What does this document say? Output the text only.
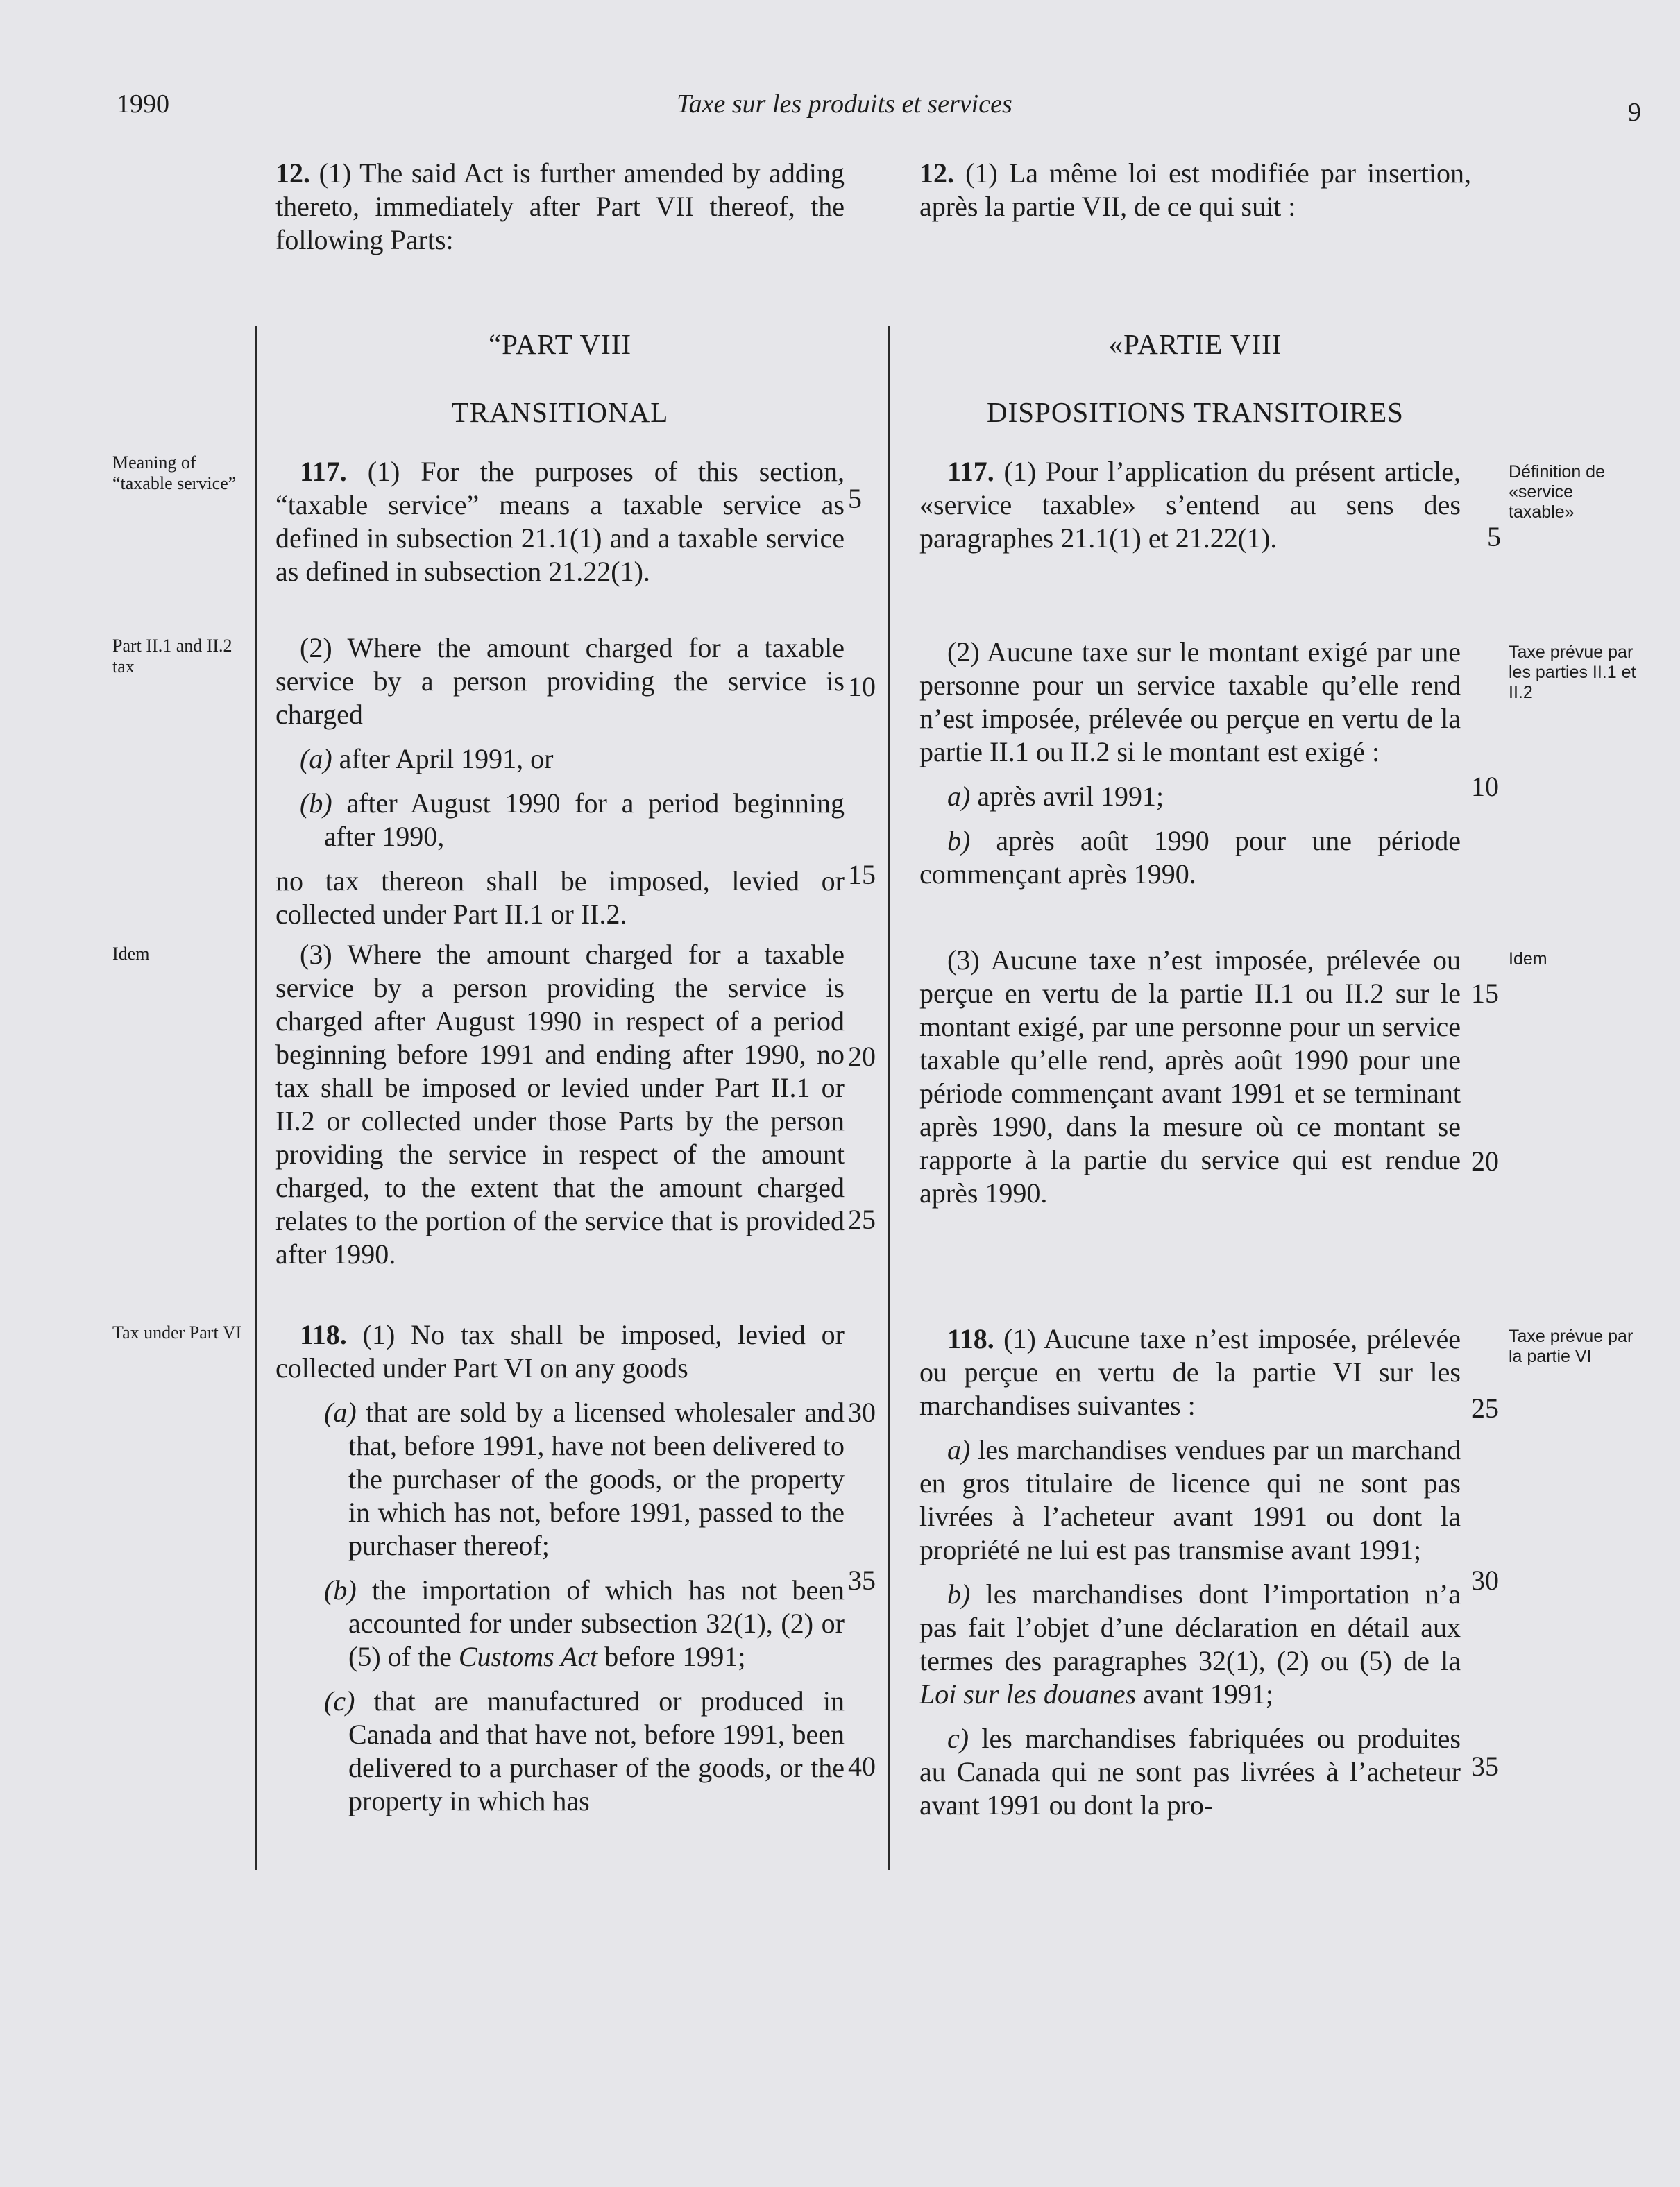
1990	Taxe sur les produits et services	9
12. (1) The said Act is further amended by adding thereto, immediately after Part VII thereof, the following Parts:
12. (1) La même loi est modifiée par insertion, après la partie VII, de ce qui suit :
“PART VIII
TRANSITIONAL
«PARTIE VIII
DISPOSITIONS TRANSITOIRES
Meaning of “taxable service”
Part II.1 and II.2 tax
Idem
Tax under Part VI
Définition de «service taxable»
Taxe prévue par les parties II.1 et II.2
Idem
Taxe prévue par la partie VI

117. (1) For the purposes of this section, “taxable service” means a taxable service as defined in subsection 21.1(1) and a taxable service as defined in subsection 21.22(1).

(2) Where the amount charged for a taxable service by a person providing the service is charged

(a) after April 1991, or

(b) after August 1990 for a period beginning after 1990,

no tax thereon shall be imposed, levied or collected under Part II.1 or II.2.

(3) Where the amount charged for a taxable service by a person providing the service is charged after August 1990 in respect of a period beginning before 1991 and ending after 1990, no tax shall be imposed or levied under Part II.1 or II.2 or collected under those Parts by the person providing the service in respect of the amount charged, to the extent that the amount charged relates to the portion of the service that is provided after 1990.

118. (1) No tax shall be imposed, levied or collected under Part VI on any goods

(a) that are sold by a licensed wholesaler and that, before 1991, have not been delivered to the purchaser of the goods, or the property in which has not, before 1991, passed to the purchaser thereof;

(b) the importation of which has not been accounted for under subsection 32(1), (2) or (5) of the Customs Act before 1991;

(c) that are manufactured or produced in Canada and that have not, before 1991, been delivered to a purchaser of the goods, or the property in which has

117. (1) Pour l’application du présent article, «service taxable» s’entend au sens des paragraphes 21.1(1) et 21.22(1).

(2) Aucune taxe sur le montant exigé par une personne pour un service taxable qu’elle rend n’est imposée, prélevée ou perçue en vertu de la partie II.1 ou II.2 si le montant est exigé :

a) après avril 1991;

b) après août 1990 pour une période commençant après 1990.

(3) Aucune taxe n’est imposée, prélevée ou perçue en vertu de la partie II.1 ou II.2 sur le montant exigé, par une personne pour un service taxable qu’elle rend, après août 1990 pour une période commençant avant 1991 et se terminant après 1990, dans la mesure où ce montant se rapporte à la partie du service qui est rendue après 1990.

118. (1) Aucune taxe n’est imposée, prélevée ou perçue en vertu de la partie VI sur les marchandises suivantes :

a) les marchandises vendues par un marchand en gros titulaire de licence qui ne sont pas livrées à l’acheteur avant 1991 ou dont la propriété ne lui est pas transmise avant 1991;

b) les marchandises dont l’importation n’a pas fait l’objet d’une déclaration en détail aux termes des paragraphes 32(1), (2) ou (5) de la Loi sur les douanes avant 1991;

c) les marchandises fabriquées ou produites au Canada qui ne sont pas livrées à l’acheteur avant 1991 ou dont la pro-

5
10
15
20
25
30
35
40
5
10
15
20
25
30
35
